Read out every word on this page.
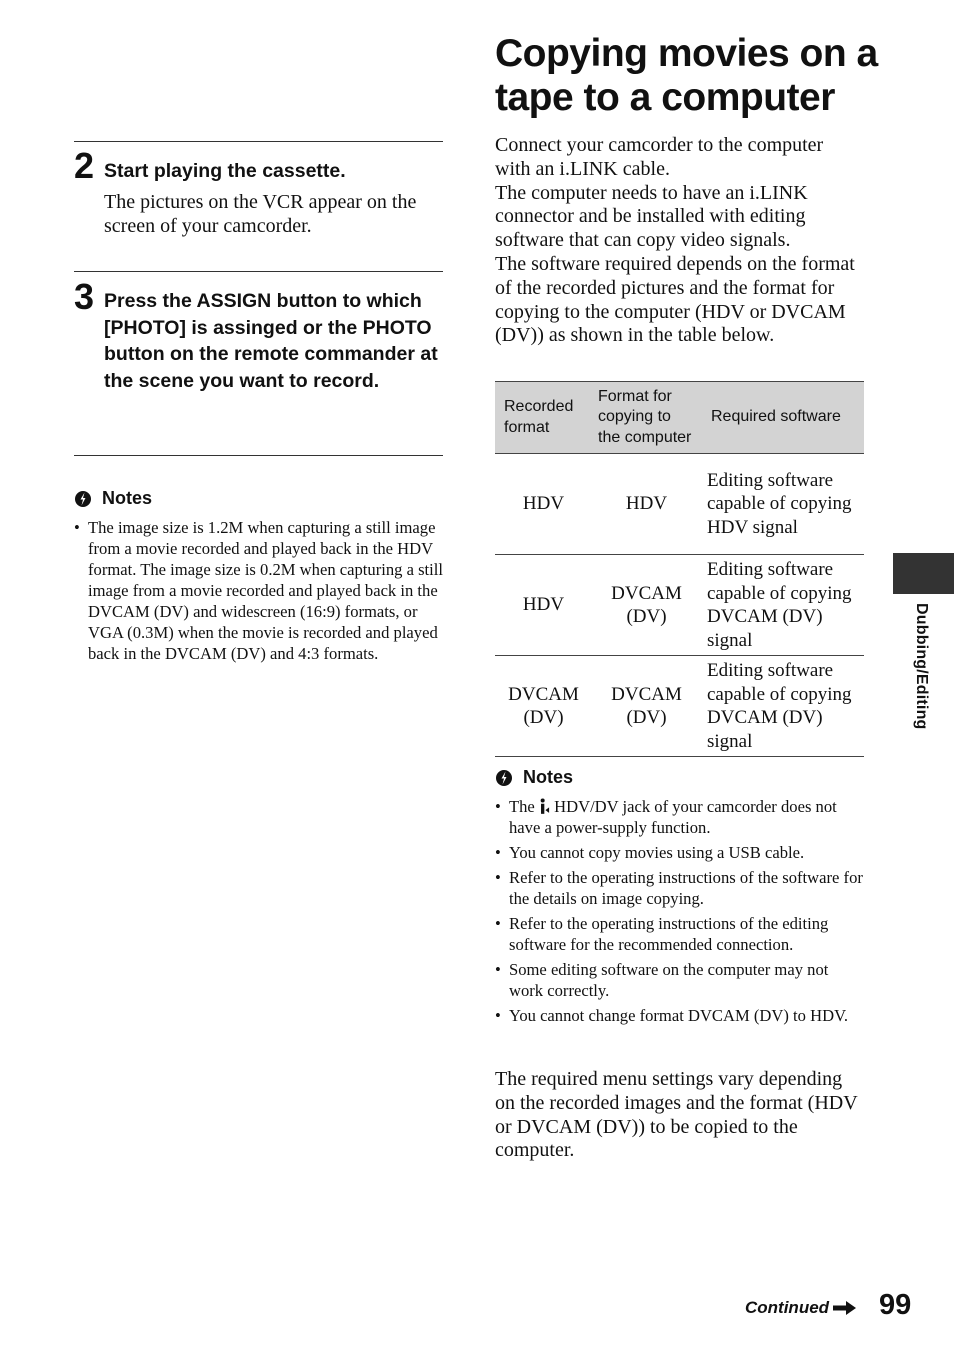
2 Start playing the cassette.
The pictures on the VCR appear on the screen of your camcorder.
3 Press the ASSIGN button to which [PHOTO] is assinged or the PHOTO button on the remote commander at the scene you want to record.
Notes
• The image size is 1.2M when capturing a still image from a movie recorded and played back in the HDV format. The image size is 0.2M when capturing a still image from a movie recorded and played back in the DVCAM (DV) and widescreen (16:9) formats, or VGA (0.3M) when the movie is recorded and played back in the DVCAM (DV) and 4:3 formats.
Copying movies on a tape to a computer

Connect your camcorder to the computer with an i.LINK cable.

The computer needs to have an i.LINK connector and be installed with editing software that can copy video signals.

The software required depends on the format of the recorded pictures and the format for copying to the computer (HDV or DVCAM (DV)) as shown in the table below.

Recorded format	Format for copying to the computer	Required software
HDV	HDV	Editing software capable of copying HDV signal
HDV	DVCAM (DV)	Editing software capable of copying DVCAM (DV) signal
DVCAM (DV)	DVCAM (DV)	Editing software capable of copying DVCAM (DV) signal
Notes
• The HDV/DV jack of your camcorder does not have a power-supply function.
• You cannot copy movies using a USB cable.
• Refer to the operating instructions of the software for the details on image copying.
• Refer to the operating instructions of the editing software for the recommended connection.
• Some editing software on the computer may not work correctly.
• You cannot change format DVCAM (DV) to HDV.
The required menu settings vary depending on the recorded images and the format (HDV or DVCAM (DV)) to be copied to the computer.
Dubbing/Editing
Continued 99
